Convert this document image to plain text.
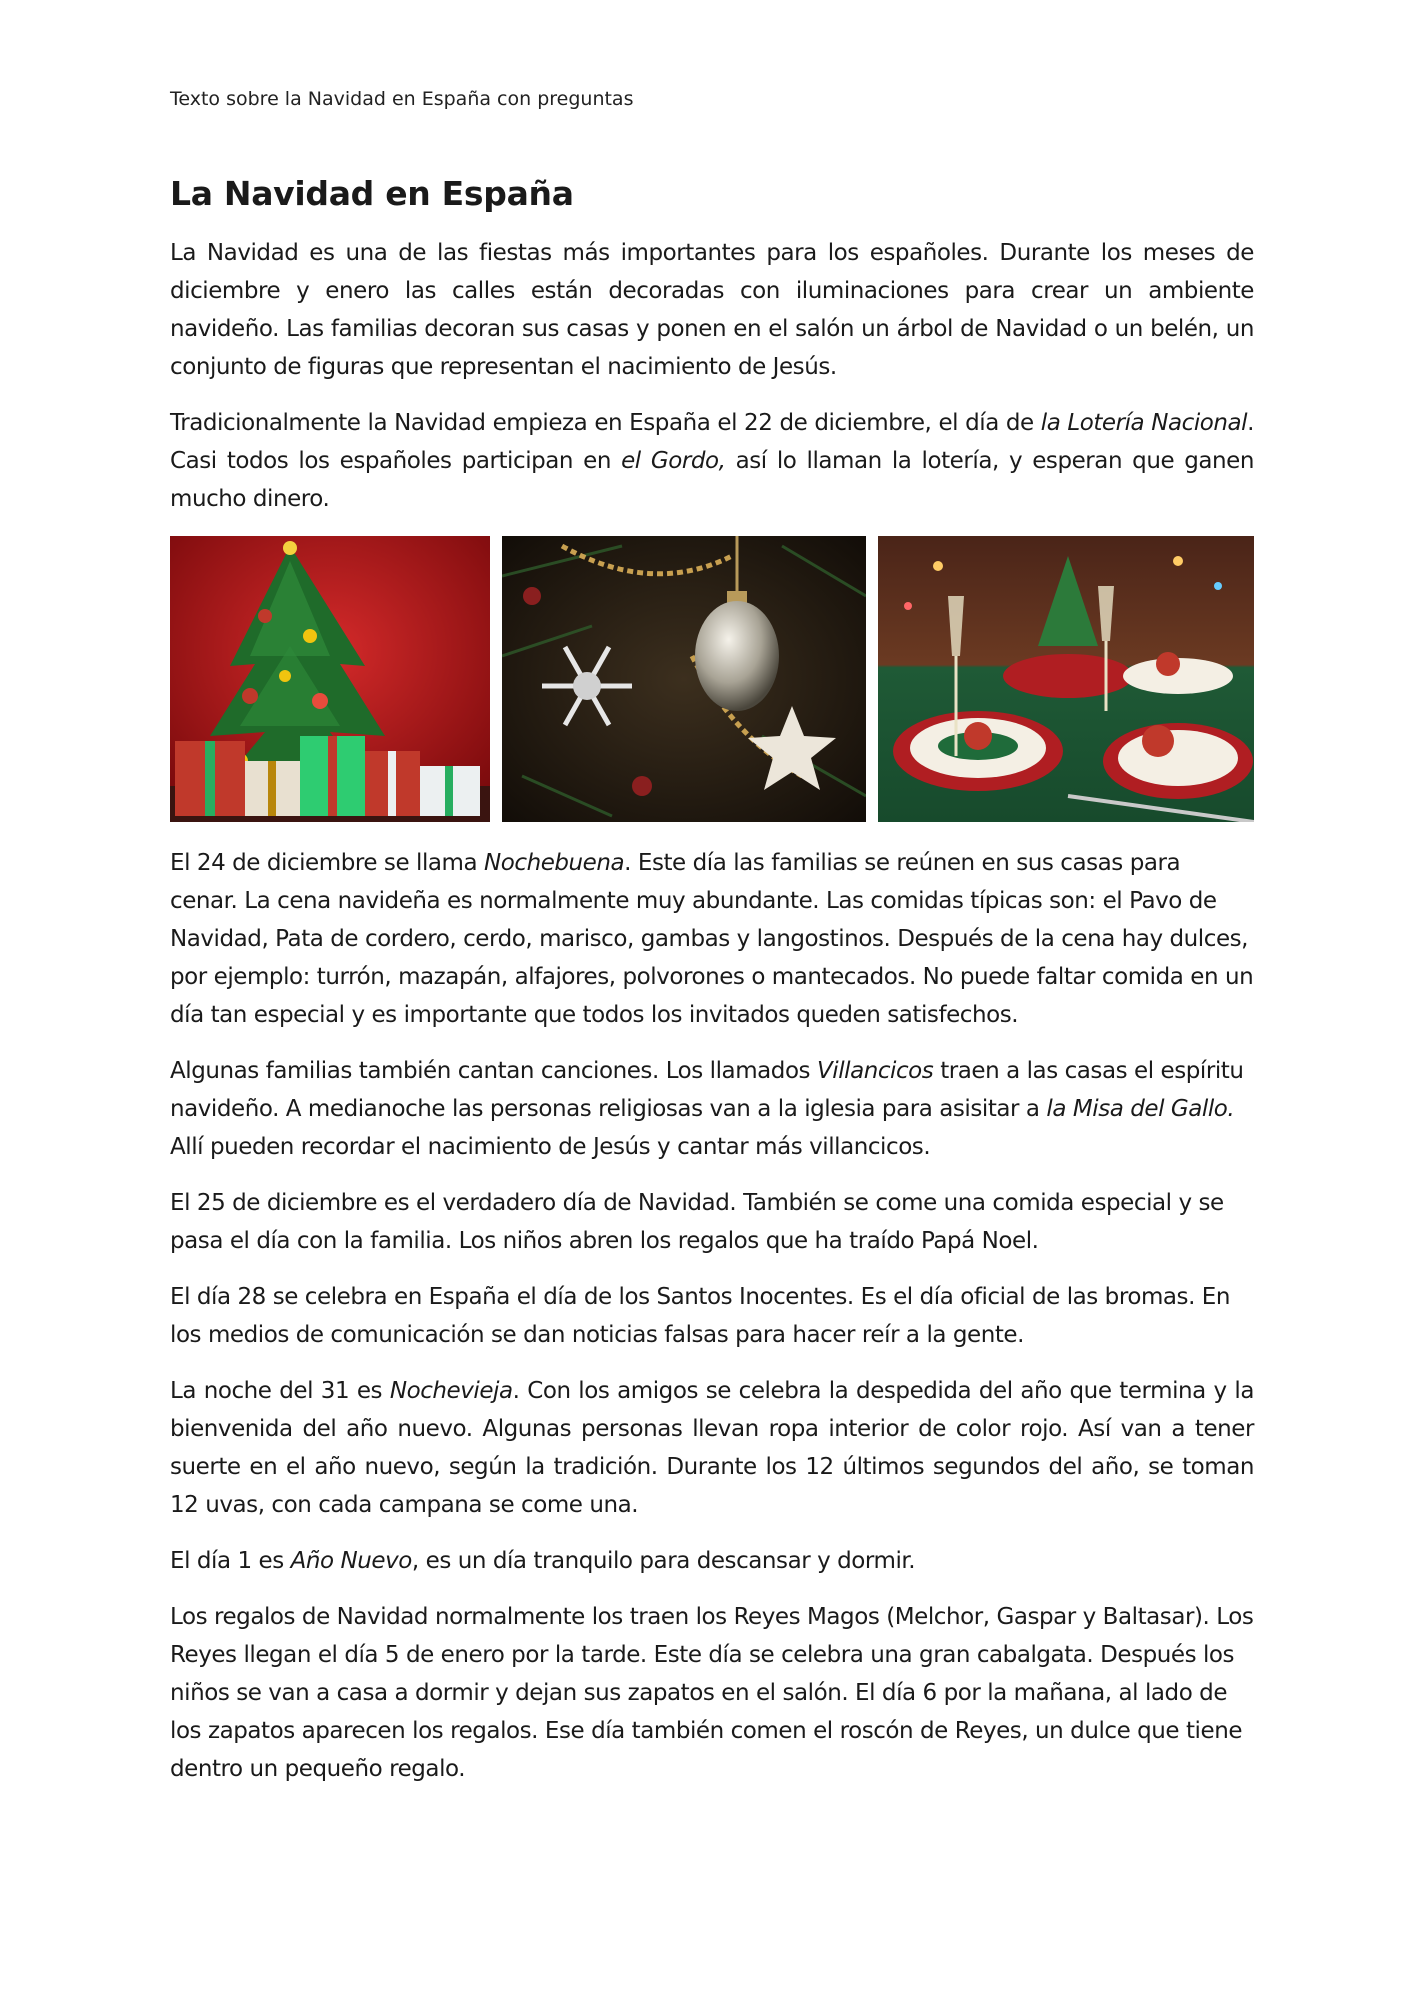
Texto sobre la Navidad en España con preguntas
La Navidad en España

La Navidad es una de las fiestas más importantes para los españoles. Durante los meses de diciembre y enero las calles están decoradas con iluminaciones para crear un ambiente navideño. Las familias decoran sus casas y ponen en el salón un árbol de Navidad o un belén, un conjunto de figuras que representan el nacimiento de Jesús.

Tradicionalmente la Navidad empieza en España el 22 de diciembre, el día de la Lotería Nacional. Casi todos los españoles participan en el Gordo, así lo llaman la lotería, y esperan que ganen mucho dinero.

El 24 de diciembre se llama Nochebuena. Este día las familias se reúnen en sus casas para cenar. La cena navideña es normalmente muy abundante. Las comidas típicas son: el Pavo de Navidad, Pata de cordero, cerdo, marisco, gambas y langostinos. Después de la cena hay dulces, por ejemplo: turrón, mazapán, alfajores, polvorones o mantecados. No puede faltar comida en un día tan especial y es importante que todos los invitados queden satisfechos.

Algunas familias también cantan canciones. Los llamados Villancicos traen a las casas el espíritu navideño. A medianoche las personas religiosas van a la iglesia para asisitar a la Misa del Gallo. Allí pueden recordar el nacimiento de Jesús y cantar más villancicos.

El 25 de diciembre es el verdadero día de Navidad. También se come una comida especial y se pasa el día con la familia. Los niños abren los regalos que ha traído Papá Noel.

El día 28 se celebra en España el día de los Santos Inocentes. Es el día oficial de las bromas. En los medios de comunicación se dan noticias falsas para hacer reír a la gente.

La noche del 31 es Nochevieja. Con los amigos se celebra la despedida del año que termina y la bienvenida del año nuevo. Algunas personas llevan ropa interior de color rojo. Así van a tener suerte en el año nuevo, según la tradición. Durante los 12 últimos segundos del año, se toman 12 uvas, con cada campana se come una.

El día 1 es Año Nuevo, es un día tranquilo para descansar y dormir.

Los regalos de Navidad normalmente los traen los Reyes Magos (Melchor, Gaspar y Baltasar). Los Reyes llegan el día 5 de enero por la tarde. Este día se celebra una gran cabalgata. Después los niños se van a casa a dormir y dejan sus zapatos en el salón. El día 6 por la mañana, al lado de los zapatos aparecen los regalos. Ese día también comen el roscón de Reyes, un dulce que tiene dentro un pequeño regalo.
